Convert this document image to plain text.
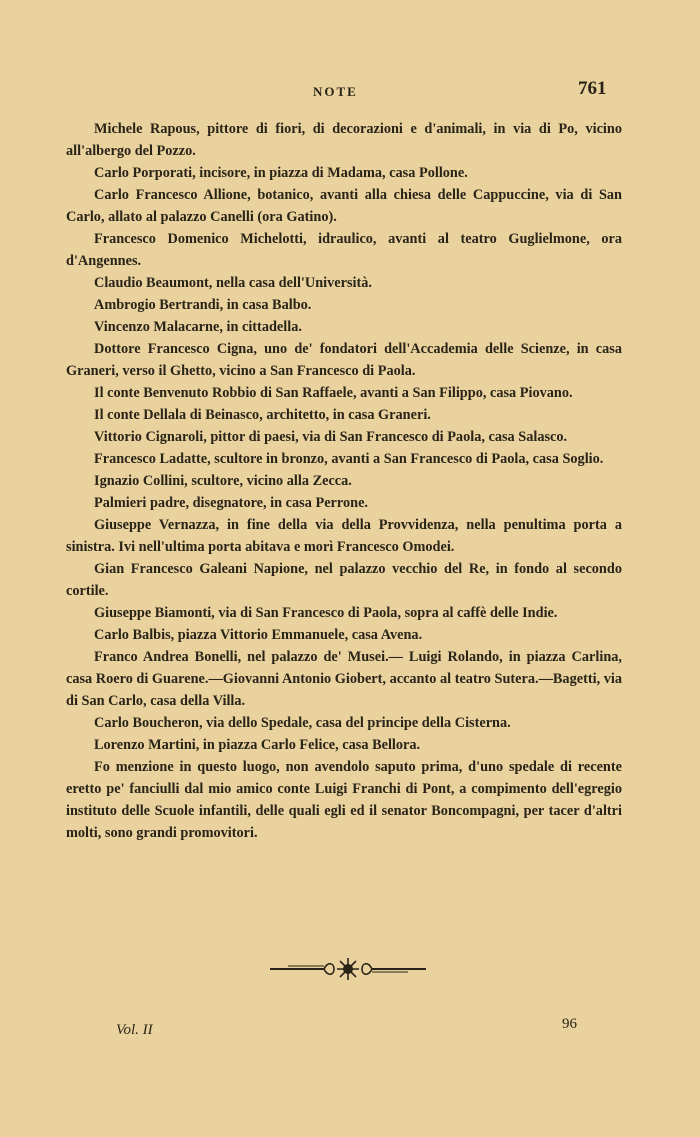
NOTE	761

Michele Rapous, pittore di fiori, di decorazioni e d'animali, in via di Po, vicino all'albergo del Pozzo.

Carlo Porporati, incisore, in piazza di Madama, casa Pollone.

Carlo Francesco Allione, botanico, avanti alla chiesa delle Cappuccine, via di San Carlo, allato al palazzo Canelli (ora Gatino).

Francesco Domenico Michelotti, idraulico, avanti al teatro Guglielmone, ora d'Angennes.

Claudio Beaumont, nella casa dell'Università.

Ambrogio Bertrandi, in casa Balbo.

Vincenzo Malacarne, in cittadella.

Dottore Francesco Cigna, uno de' fondatori dell'Accademia delle Scienze, in casa Graneri, verso il Ghetto, vicino a San Francesco di Paola.

Il conte Benvenuto Robbio di San Raffaele, avanti a San Filippo, casa Piovano.

Il conte Dellala di Beinasco, architetto, in casa Graneri.

Vittorio Cignaroli, pittor di paesi, via di San Francesco di Paola, casa Salasco.

Francesco Ladatte, scultore in bronzo, avanti a San Francesco di Paola, casa Soglio.

Ignazio Collini, scultore, vicino alla Zecca.

Palmieri padre, disegnatore, in casa Perrone.

Giuseppe Vernazza, in fine della via della Provvidenza, nella penultima porta a sinistra. Ivi nell'ultima porta abitava e morì Francesco Omodei.

Gian Francesco Galeani Napione, nel palazzo vecchio del Re, in fondo al secondo cortile.

Giuseppe Biamonti, via di San Francesco di Paola, sopra al caffè delle Indie.

Carlo Balbis, piazza Vittorio Emmanuele, casa Avena.

Franco Andrea Bonelli, nel palazzo de' Musei.— Luigi Rolando, in piazza Carlina, casa Roero di Guarene.—Giovanni Antonio Giobert, accanto al teatro Sutera.—Bagetti, via di San Carlo, casa della Villa.

Carlo Boucheron, via dello Spedale, casa del principe della Cisterna.

Lorenzo Martini, in piazza Carlo Felice, casa Bellora.

Fo menzione in questo luogo, non avendolo saputo prima, d'uno spedale di recente eretto pe' fanciulli dal mio amico conte Luigi Franchi di Pont, a compimento dell'egregio instituto delle Scuole infantili, delle quali egli ed il senator Boncompagni, per tacer d'altri molti, sono grandi promovitori.

Vol. II	96
